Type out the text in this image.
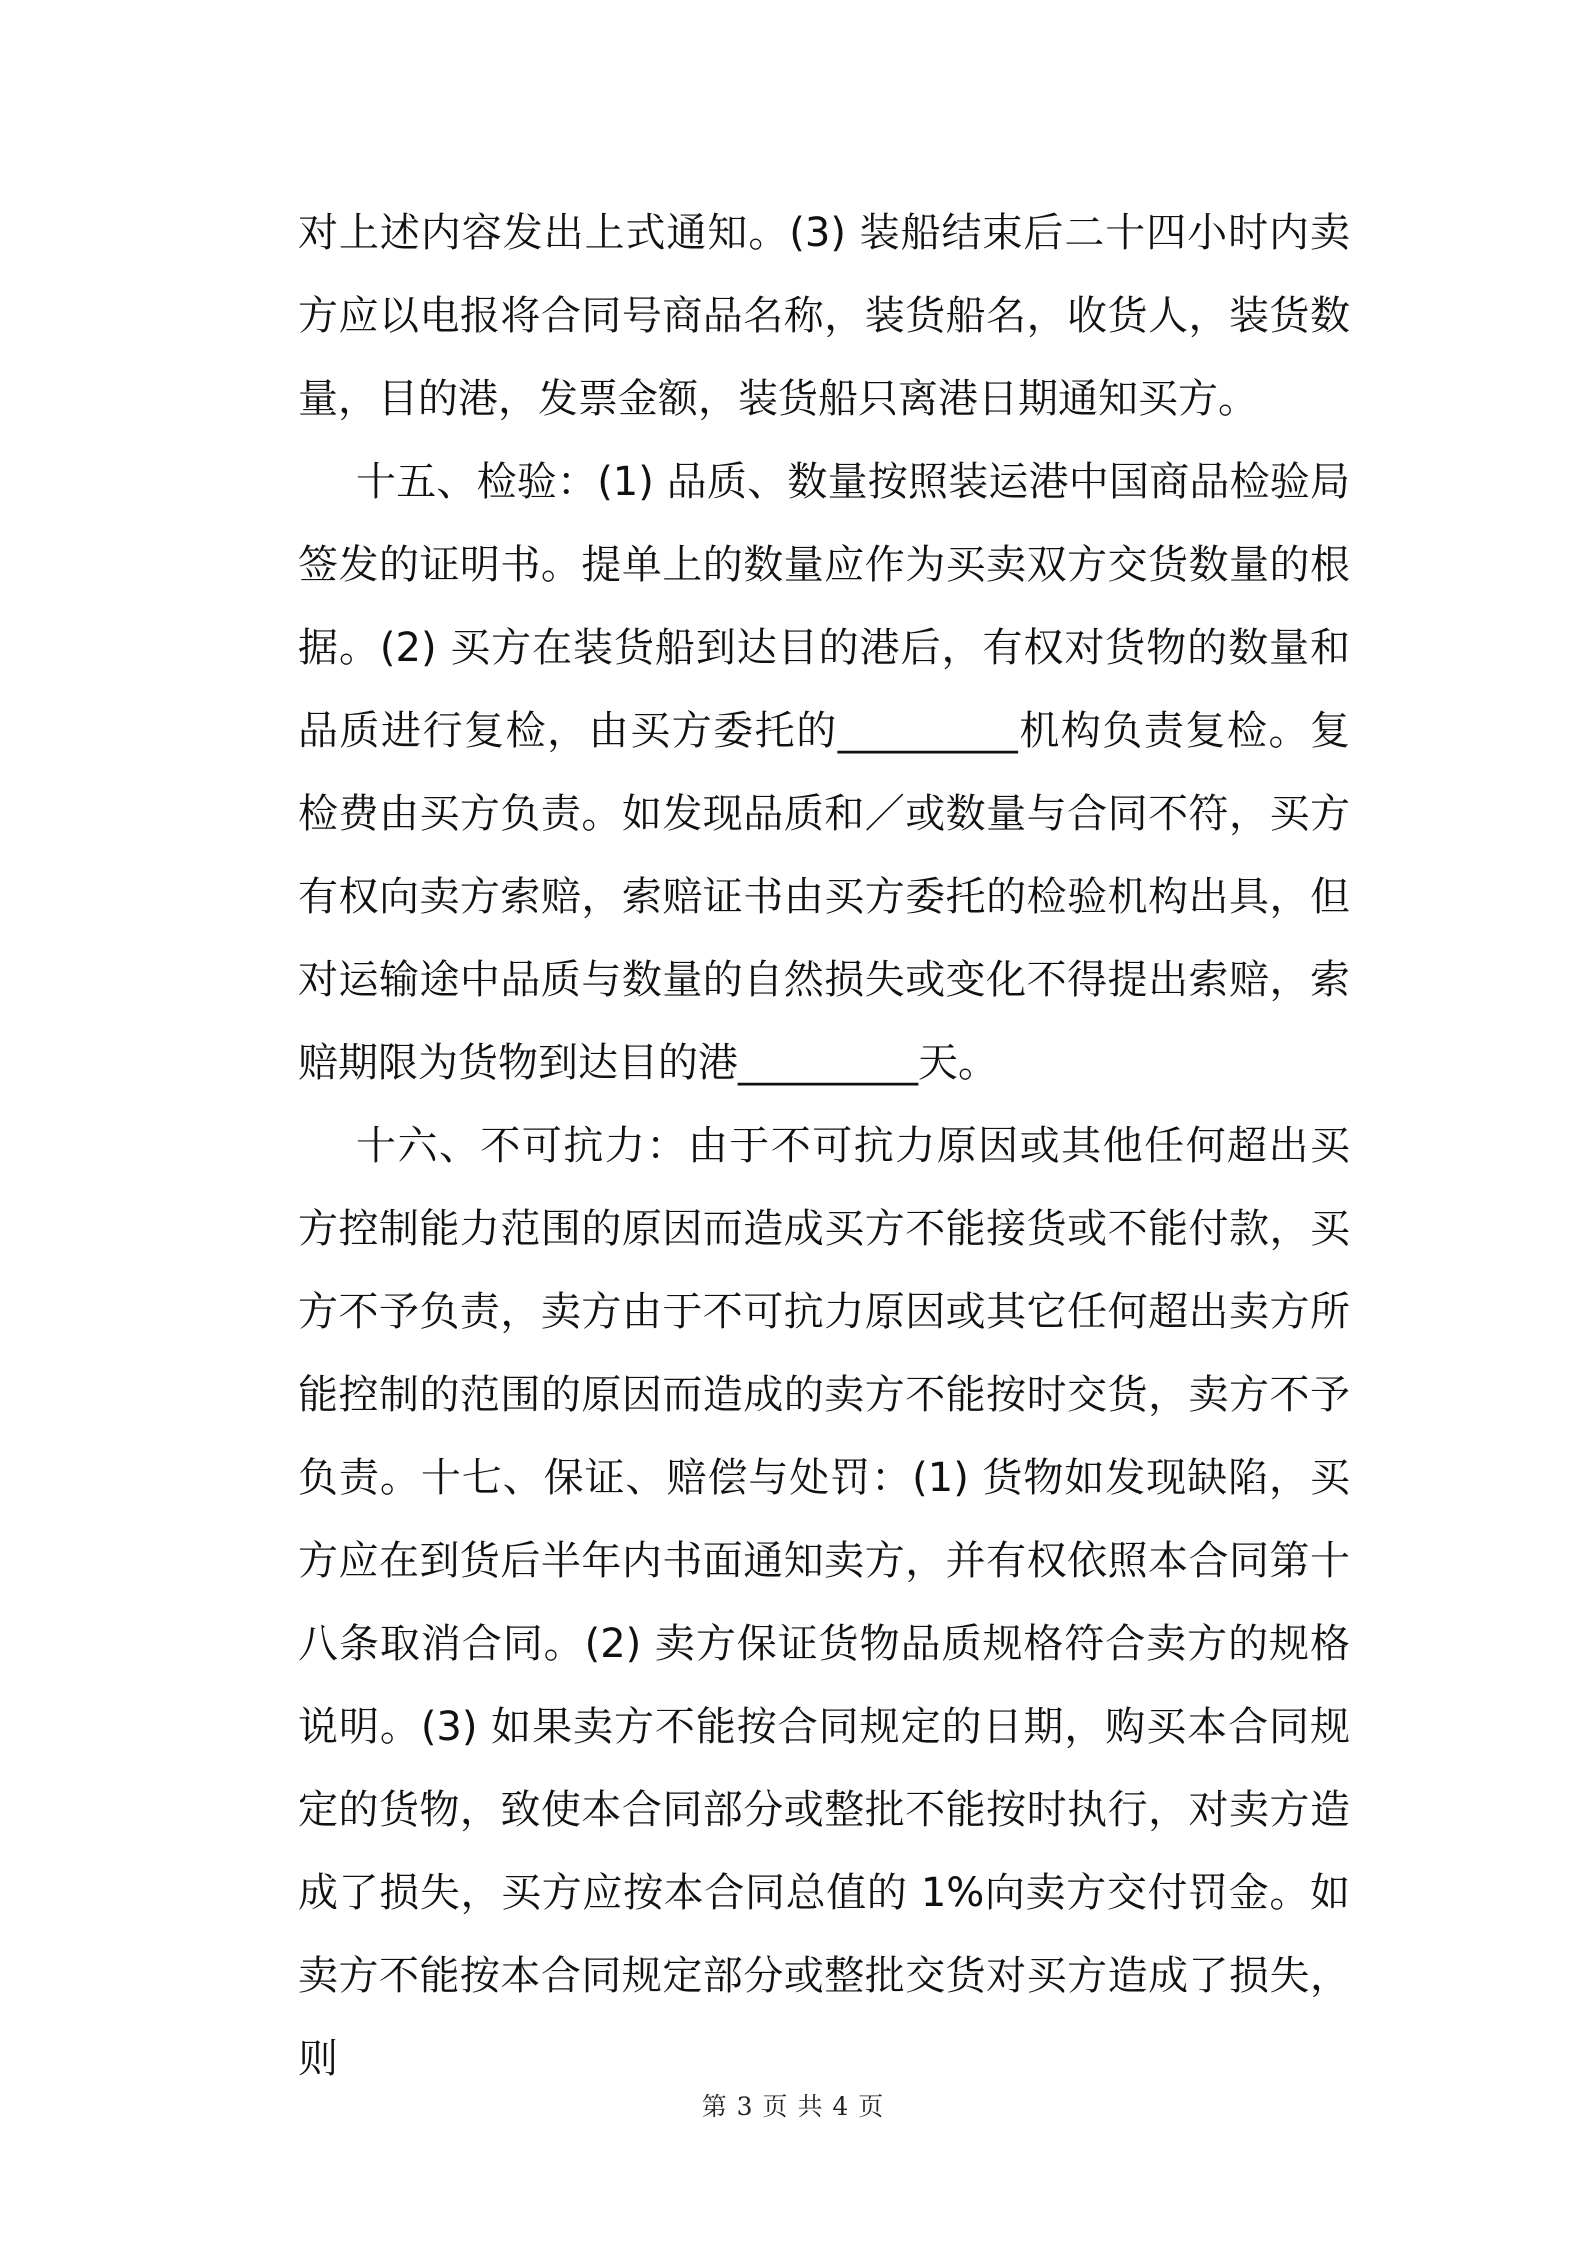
对上述内容发出上式通知。(3) 装船结束后二十四小时内卖方应以电报将合同号商品名称，装货船名，收货人，装货数量，目的港，发票金额，装货船只离港日期通知买方。

十五、检验：(1) 品质、数量按照装运港中国商品检验局签发的证明书。提单上的数量应作为买卖双方交货数量的根据。(2) 买方在装货船到达目的港后，有权对货物的数量和品质进行复检，由买方委托的_________机构负责复检。复检费由买方负责。如发现品质和／或数量与合同不符，买方有权向卖方索赔，索赔证书由买方委托的检验机构出具，但对运输途中品质与数量的自然损失或变化不得提出索赔，索赔期限为货物到达目的港_________天。

十六、不可抗力：由于不可抗力原因或其他任何超出买方控制能力范围的原因而造成买方不能接货或不能付款，买方不予负责，卖方由于不可抗力原因或其它任何超出卖方所能控制的范围的原因而造成的卖方不能按时交货，卖方不予负责。十七、保证、赔偿与处罚：(1) 货物如发现缺陷，买方应在到货后半年内书面通知卖方，并有权依照本合同第十八条取消合同。(2) 卖方保证货物品质规格符合卖方的规格说明。(3) 如果卖方不能按合同规定的日期，购买本合同规定的货物，致使本合同部分或整批不能按时执行，对卖方造成了损失，买方应按本合同总值的 1%向卖方交付罚金。如卖方不能按本合同规定部分或整批交货对买方造成了损失，则

第 3 页 共 4 页
